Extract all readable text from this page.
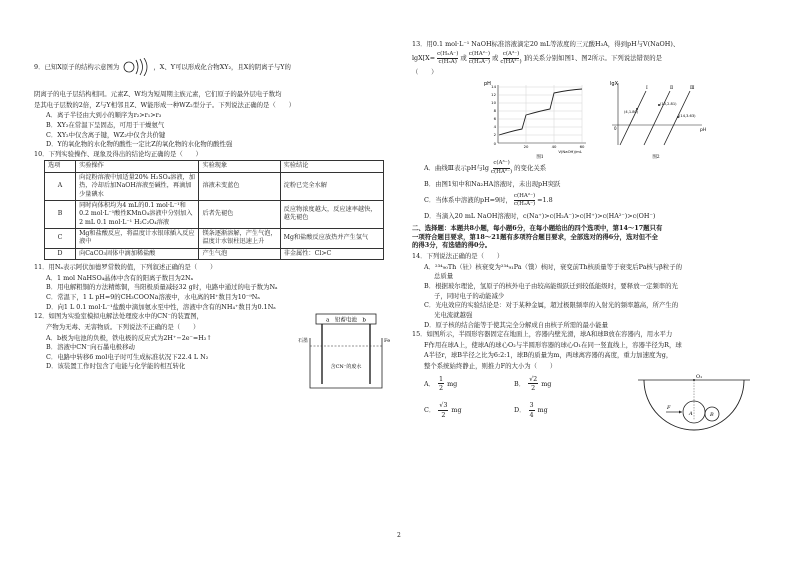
9．已知X原子的结构示意图为	，X、Y可以形成化合物XY₂，且X的阴离子与Y的
阴离子的电子层结构相同。元素Z、W均为短周期主族元素，它们原子的最外层电子数均
是其电子层数的2倍，Z与Y相邻且Z、W能形成一种WZ₂型分子。下列说法正确的是（　　）
A．离子半径由大到小的顺序为r₂>r₁>r₃
B．XY₂在常温下呈固态，可用于干燥氨气
C．XY₂中仅含离子键，WZ₂中仅含共价键
D．Y的氧化物的水化物的酸性一定比Z的氧化物的水化物的酸性强
10．下列实验操作、现象及得出的结论均正确的是（　　）
选项	实验操作	实验现象	实验结论
A	向淀粉溶液中加适量20% H₂SO₄溶液，加热，冷却后加NaOH溶液至碱性，再滴加少量碘水	溶液未变蓝色	淀粉已完全水解
B	同时向体积均为4 mL的0.1 mol·L⁻¹和0.2 mol·L⁻¹酸性KMnO₄溶液中分别加入2 mL 0.1 mol·L⁻¹ H₂C₂O₄溶液	后者先褪色	反应物浓度越大，反应速率越快，越先褪色
C	Mg和盐酸反应，将温度计水银球插入反应液中	镁条逐渐溶解，产生气泡，温度计水银柱迅速上升	Mg和盐酸反应放热并产生氢气
D	向CaCO₃固体中滴加稀盐酸	产生气泡	非金属性：Cl>C
11．用Nₐ表示阿伏加德罗常数的值，下列叙述正确的是（　　）
A．1 mol NaHSO₄晶体中含有的阳离子数目为2Nₐ
B．用电解粗铜的方法精炼铜，当阳极质量减轻32 g时，电路中通过的电子数为Nₐ
C．常温下，1 L pH=9的CH₃COONa溶液中，水电离的H⁺数目为10⁻⁹Nₐ
D．向1 L 0.1 mol·L⁻¹盐酸中滴加氨水至中性，溶液中含有的NH₄⁺数目为0.1Nₐ
12．如图为实验室模拟电解法处理废水中的CN⁻的装置图，
产物为无毒、无害物质。下列说法不正确的是（　　）
A．b极为电池的负极，铁电极的反应式为2H⁺−2e⁻=H₂↑
B．溶液中CN⁻向石墨电极移动
C．电路中转移6 mol电子时可生成标准状况下22.4 L N₂
D．该装置工作时包含了电能与化学能的相互转化
a　铅蓄电池　b
石墨	Fe
含CN⁻的废水
13．用0.1 mol·L⁻¹ NaOH标准溶液滴定20 mL等浓度的三元酸H₃A，得到pH与V(NaOH)、
$\lg X[X= \frac{\text{c(H₂A⁻)}}{\text{c(H₃A)}}$ 或 $\frac{\text{c(HA²⁻)}}{\text{c(H₂A⁻)}}$ 或 $\frac{\text{c(A³⁻)}}{\text{c(HA²⁻)}}$ ]的关系分别如图1、图2所示。下列说法错误的是
（　　）
pH 14
12
10
8
6
4
2
0
20	40	60
V(NaOH)/mL
图1
lgX
0
Ⅰ	Ⅱ	Ⅲ
(4,1.80)
(10,2.81)
(14,3.63)
pH
图2
A．曲线Ⅲ表示pH与$\lg \frac{\text{c(A³⁻)}}{\text{c(HA²⁻)}}$ 的变化关系
B．由图1知中和Na₂HA溶液时，未出现pH突跃
C．当体系中溶液的pH=9时， $\frac{\text{c(HA²⁻)}}{\text{c(H₂A⁻)}} =1.8$
D．当滴入20 mL NaOH溶液时，c(Na⁺)>c(H₂A⁻)>c(H⁺)>c(HA²⁻)>c(OH⁻)
二、选择题：本题共8小题，每小题6分，在每小题给出的四个选项中，第14～17题只有
一项符合题目要求，第18～21题有多项符合题目要求，全部选对的得6分，选对但不全
的得3分，有选错的得0分。
14．下列说法正确的是（　　）
A．²³⁴₉₀Th（钍）核衰变为²³⁴₉₁Pa（镤）核时，衰变前Th核质量等于衰变后Pa核与β粒子的
总质量
B．根据玻尔理论，氢原子的核外电子由较高能级跃迁到较低能级时，要释放一定频率的光
子，同时电子的动能减少
C．光电效应的实验结论是：对于某种金属，超过极限频率的入射光的频率越高，所产生的
光电流就越强
D．原子核的结合能等于使其完全分解成自由核子所需的最小能量
15．如图所示，半圆形容器固定在地面上，容器内壁光滑，球A和球B放在容器内，用水平力
F作用在球A上，使球A的球心O₂与半圆形容器的球心O₁在同一竖直线上，容器半径为R，球
A半径r，球B半径之比为6:2:1，球B的质量为m，两球离容器的高度，重力加速度为g，
整个系统始终静止，则推力F的大小为（　　）
A． $\frac{1}{2}$ mg	B． $\frac{√2}{2}$ mg
C． $\frac{√3}{2}$ mg	D． $\frac{3}{4}$ mg
O₁
A	B
F
2
